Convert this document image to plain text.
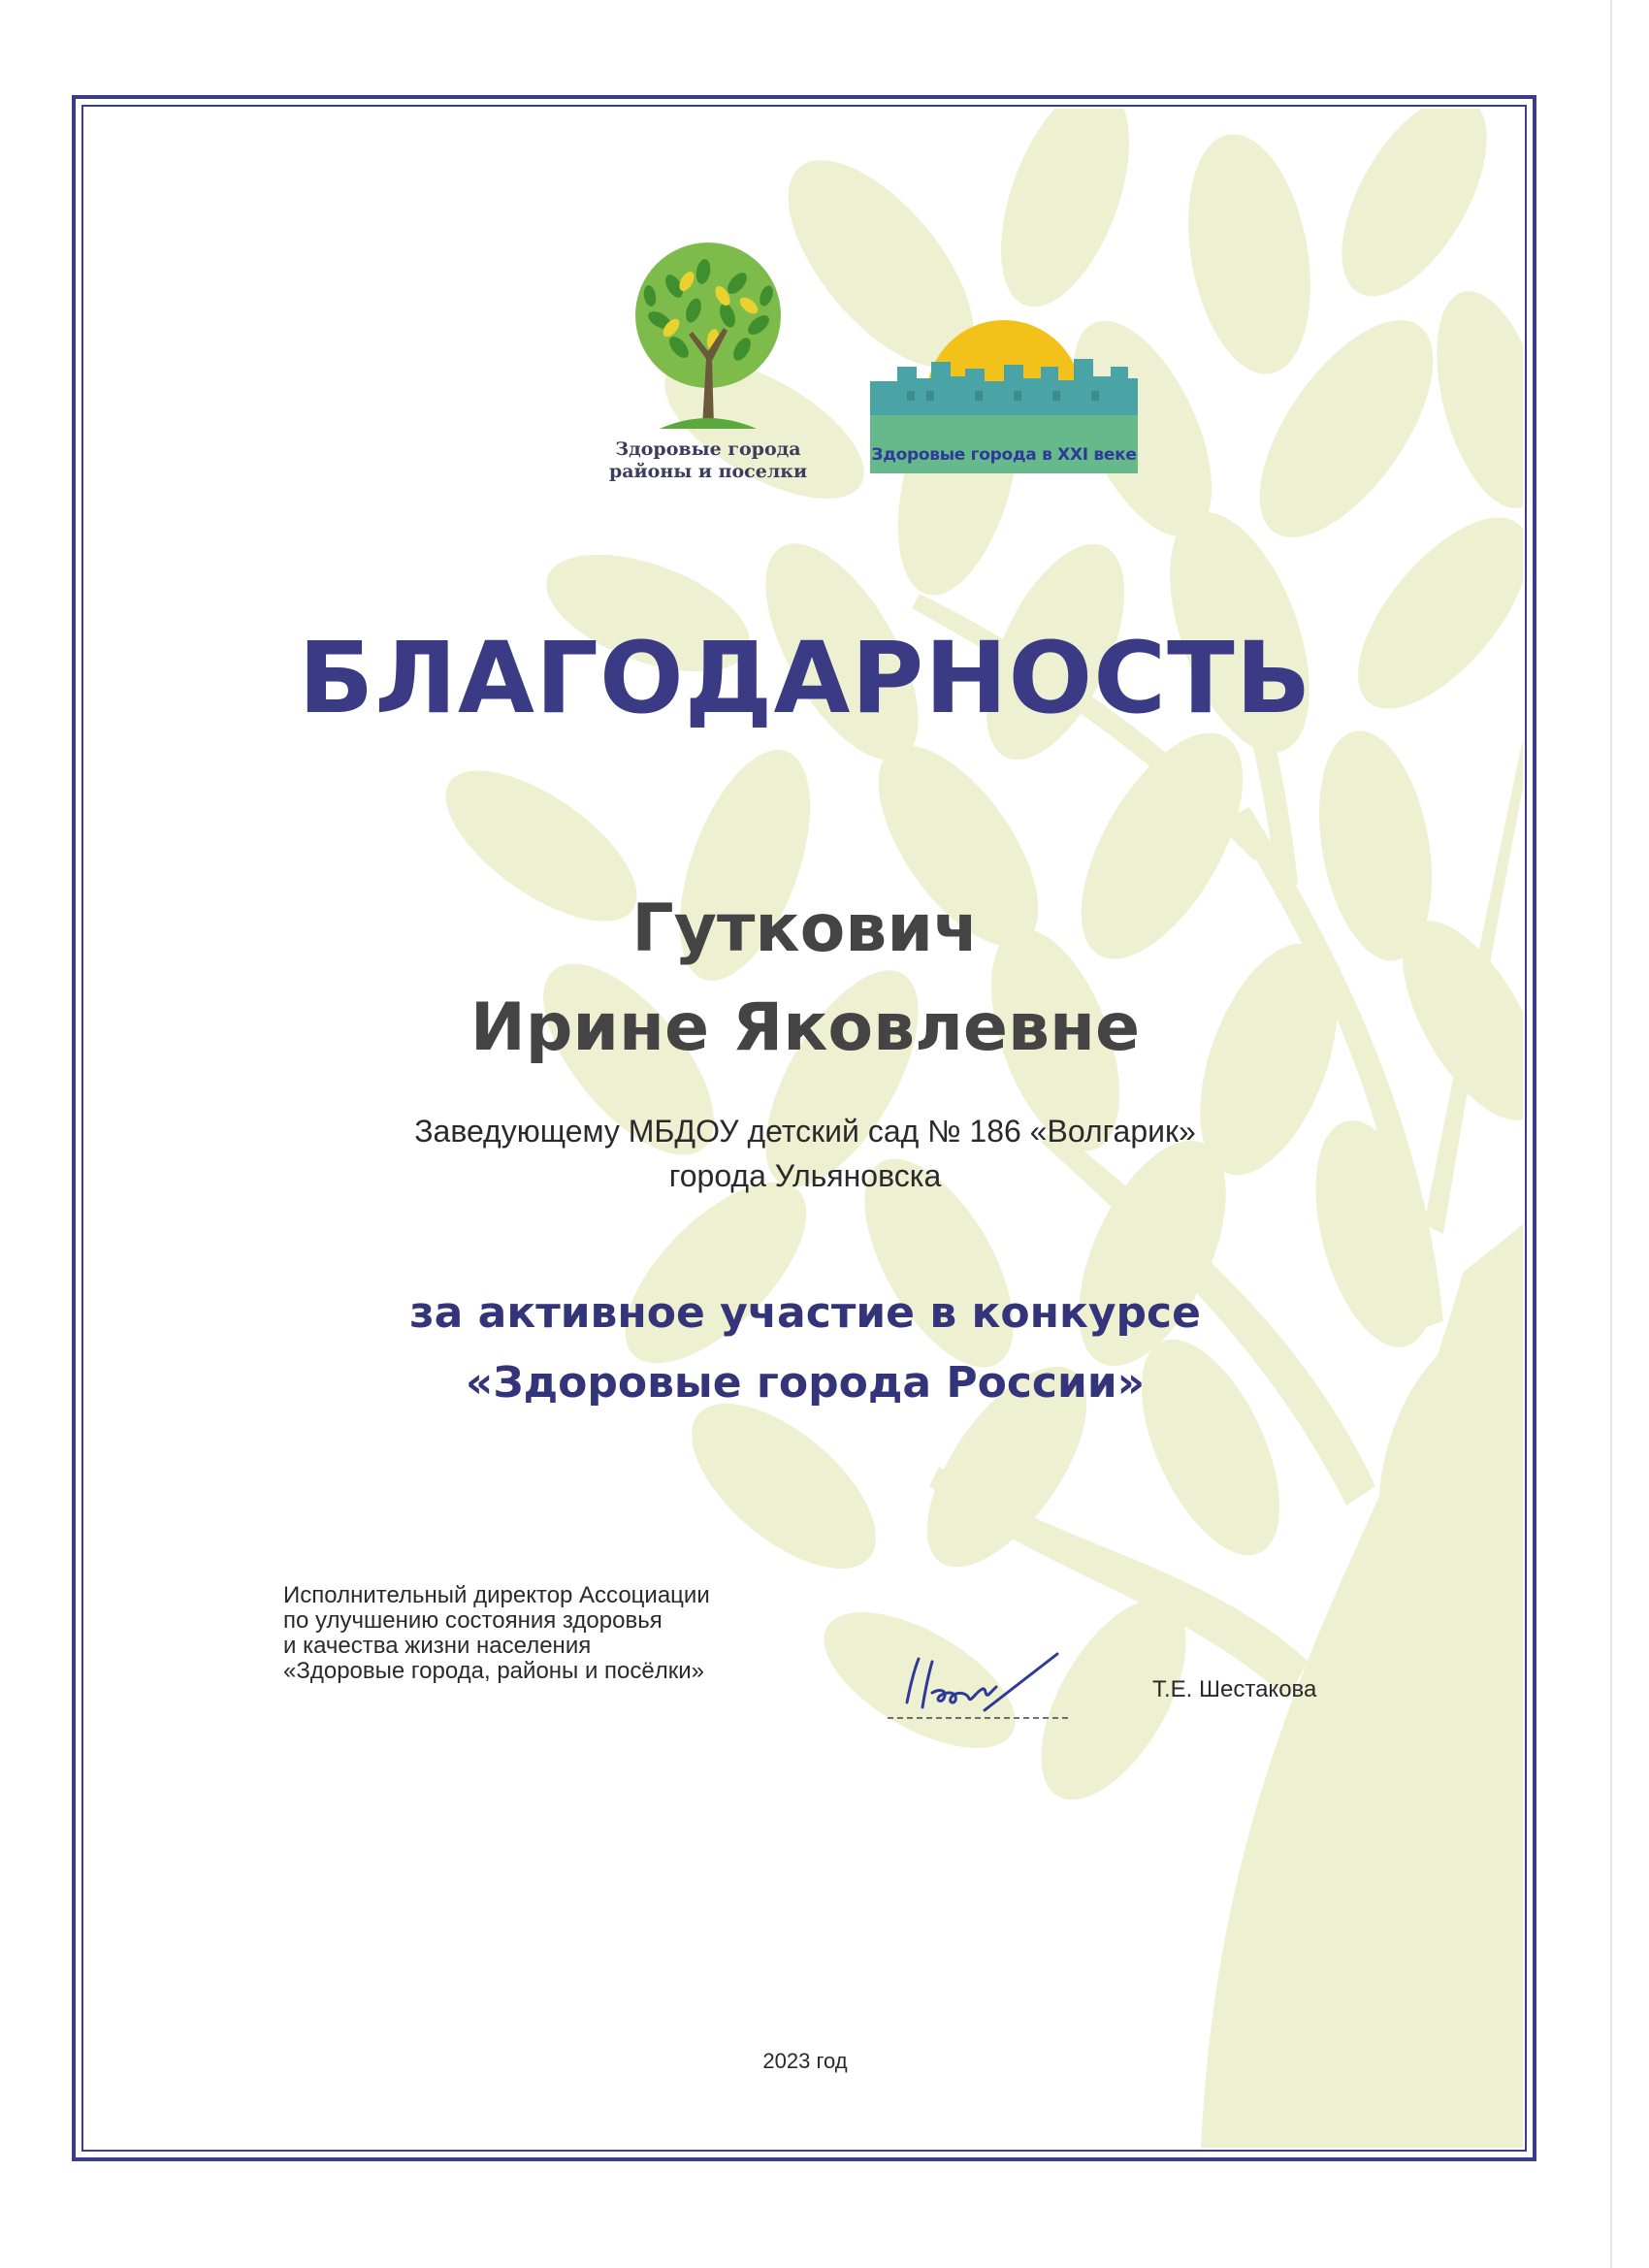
Здоровые города
районы и поселки
Здоровые города в XXI веке
БЛАГОДАРНОСТЬ
Гуткович
Ирине Яковлевне
Заведующему МБДОУ детский сад № 186 «Волгарик»
города Ульяновска
за активное участие в конкурсе
«Здоровые города России»
Исполнительный директор Ассоциации
по улучшению состояния здоровья
и качества жизни населения
«Здоровые города, районы и посёлки»
Т.Е. Шестакова
2023 год
